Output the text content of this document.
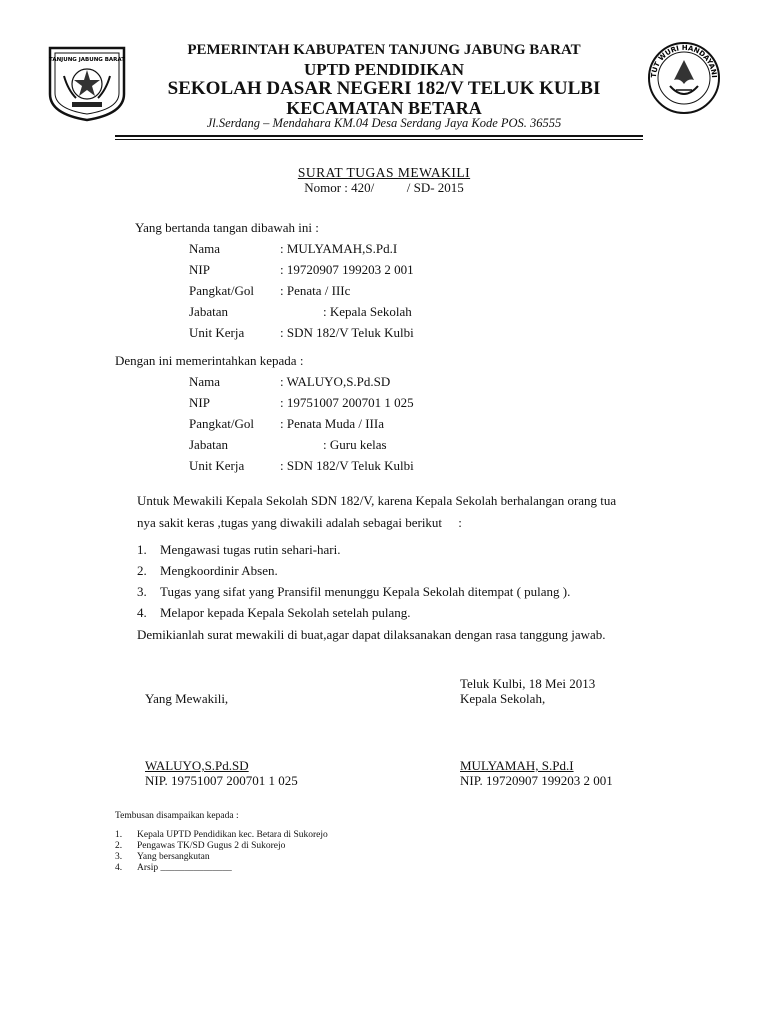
TANJUNG JABUNG BARAT
TUT WURI HANDAYANI
PEMERINTAH KABUPATEN TANJUNG JABUNG BARAT
UPTD PENDIDIKAN
SEKOLAH DASAR NEGERI 182/V TELUK KULBI
KECAMATAN BETARA
Jl.Serdang – Mendahara KM.04 Desa Serdang Jaya Kode POS. 36555
SURAT TUGAS MEWAKILI
Nomor : 420/          / SD- 2015
Yang bertanda tangan dibawah ini :
Nama	: MULYAMAH,S.Pd.I
NIP	: 19720907 199203 2 001
Pangkat/Gol : Penata / IIIc
Jabatan	: Kepala Sekolah
Unit Kerja	: SDN 182/V Teluk Kulbi
Dengan ini memerintahkan kepada :
Nama	: WALUYO,S.Pd.SD
NIP	: 19751007 200701 1 025
Pangkat/Gol : Penata Muda / IIIa
Jabatan	: Guru kelas
Unit Kerja	: SDN 182/V Teluk Kulbi
Untuk Mewakili Kepala Sekolah SDN 182/V, karena Kepala Sekolah berhalangan orang tua
nya sakit keras ,tugas yang diwakili adalah sebagai berikut     :
1. Mengawasi tugas rutin sehari-hari.
2. Mengkoordinir Absen.
3. Tugas yang sifat yang Pransifil menunggu Kepala Sekolah ditempat ( pulang ).
4. Melapor kepada Kepala Sekolah setelah pulang.
Demikianlah surat mewakili di buat,agar dapat dilaksanakan dengan rasa tanggung jawab.
Teluk Kulbi, 18 Mei 2013
Yang Mewakili,	Kepala Sekolah,
WALUYO,S.Pd.SD
NIP. 19751007 200701 1 025
MULYAMAH, S.Pd.I
NIP. 19720907 199203 2 001
Tembusan disampaikan kepada :
1. Kepala UPTD Pendidikan kec. Betara di Sukorejo
2. Pengawas TK/SD Gugus 2 di Sukorejo
3. Yang bersangkutan
4. Arsip _______________
